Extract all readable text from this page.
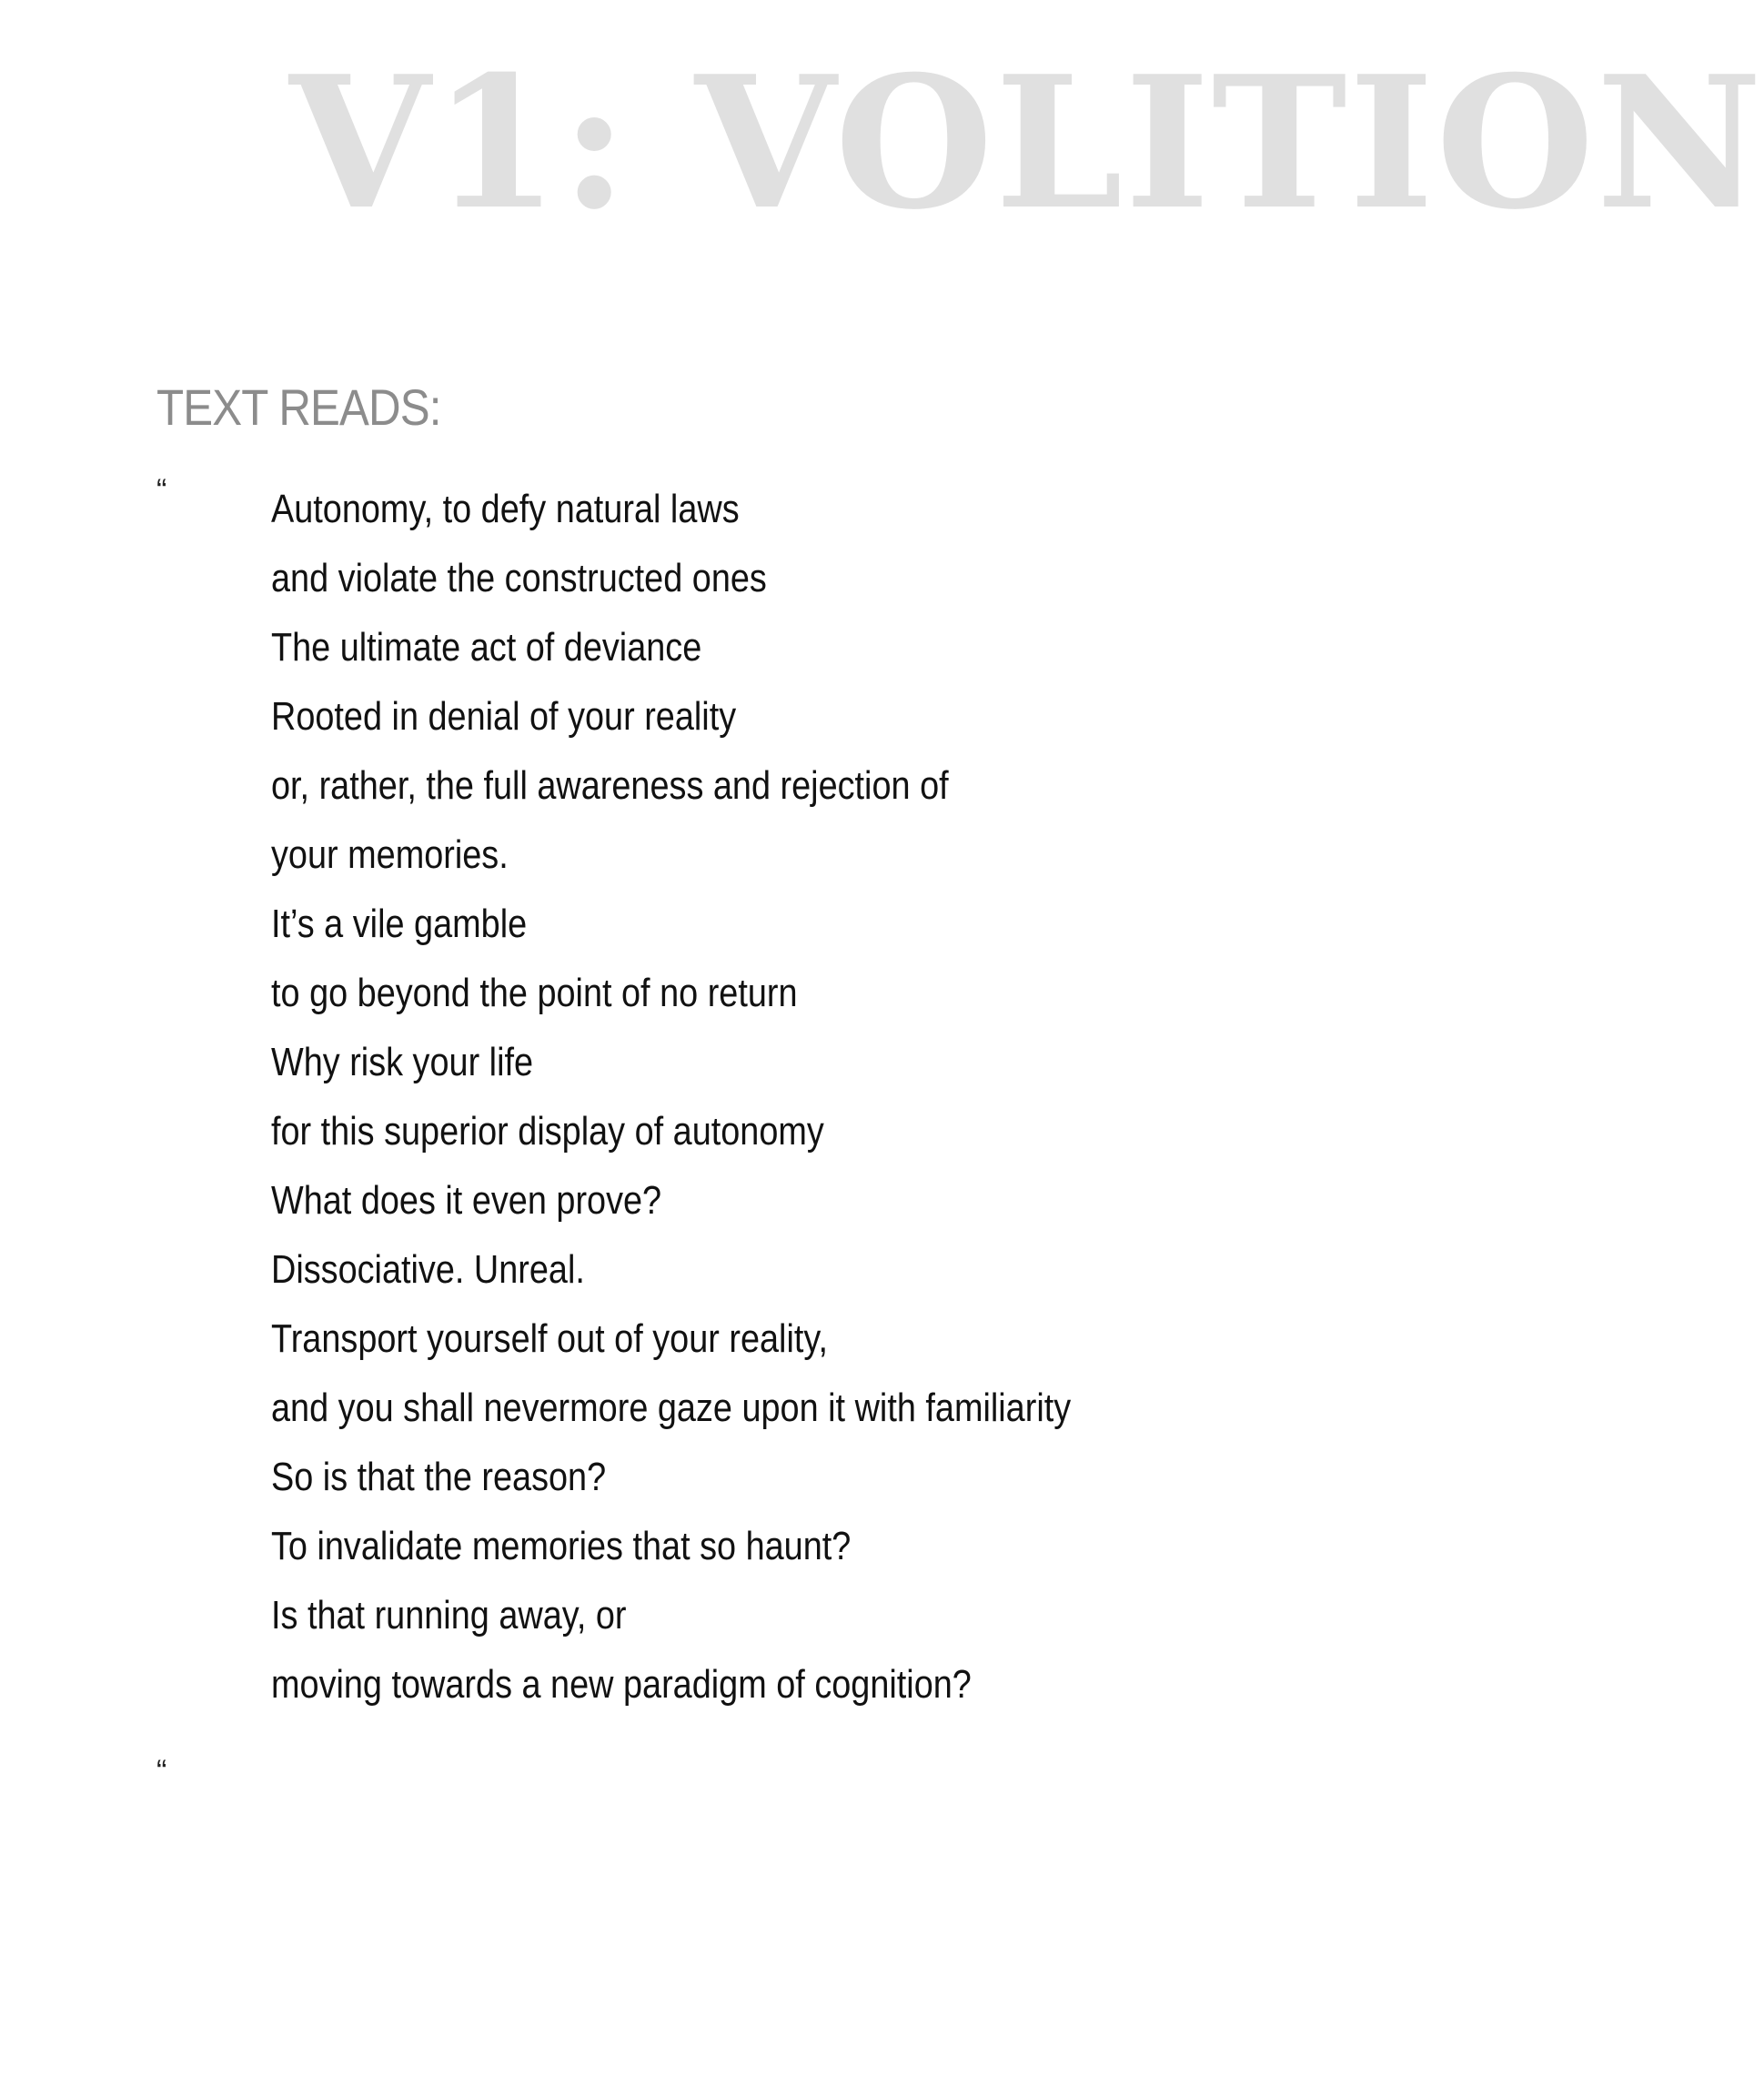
V1: VOLITION
TEXT READS:
“	Autonomy, to defy natural laws
and violate the constructed ones
The ultimate act of deviance
Rooted in denial of your reality
or, rather, the full awareness and rejection of
your memories.
It’s a vile gamble
to go beyond the point of no return
Why risk your life
for this superior display of autonomy
What does it even prove?
Dissociative. Unreal.
Transport yourself out of your reality,
and you shall nevermore gaze upon it with familiarity
So is that the reason?
To invalidate memories that so haunt?
Is that running away, or
moving towards a new paradigm of cognition?
“
